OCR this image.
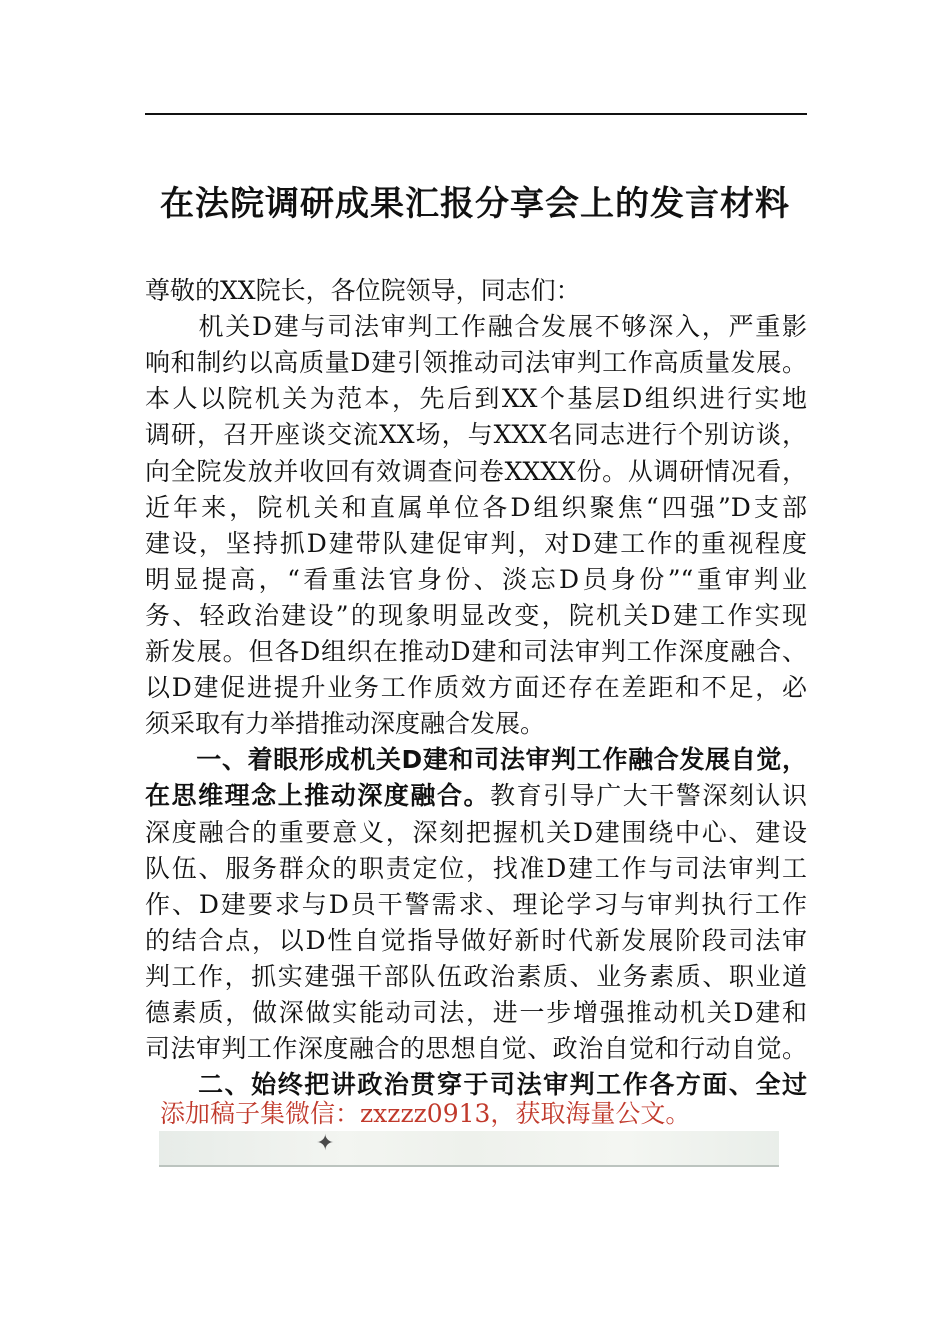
在法院调研成果汇报分享会上的发言材料
尊敬的XX院长，各位院领导，同志们：
　　机关D建与司法审判工作融合发展不够深入，严重影
响和制约以高质量D建引领推动司法审判工作高质量发展。
本人以院机关为范本，先后到XX个基层D组织进行实地
调研，召开座谈交流XX场，与XXX名同志进行个别访谈，
向全院发放并收回有效调查问卷XXXX份。从调研情况看，
近年来，院机关和直属单位各D组织聚焦“四强”D支部
建设，坚持抓D建带队建促审判，对D建工作的重视程度
明显提高，“看重法官身份、淡忘D员身份”“重审判业
务、轻政治建设”的现象明显改变，院机关D建工作实现
新发展。但各D组织在推动D建和司法审判工作深度融合、
以D建促进提升业务工作质效方面还存在差距和不足，必
须采取有力举措推动深度融合发展。
　　一、着眼形成机关D建和司法审判工作融合发展自觉，
在思维理念上推动深度融合。教育引导广大干警深刻认识
深度融合的重要意义，深刻把握机关D建围绕中心、建设
队伍、服务群众的职责定位，找准D建工作与司法审判工
作、D建要求与D员干警需求、理论学习与审判执行工作
的结合点，以D性自觉指导做好新时代新发展阶段司法审
判工作，抓实建强干部队伍政治素质、业务素质、职业道
德素质，做深做实能动司法，进一步增强推动机关D建和
司法审判工作深度融合的思想自觉、政治自觉和行动自觉。
　　二、始终把讲政治贯穿于司法审判工作各方面、全过
添加稿子集微信：zxzzz0913，获取海量公文。
✦
